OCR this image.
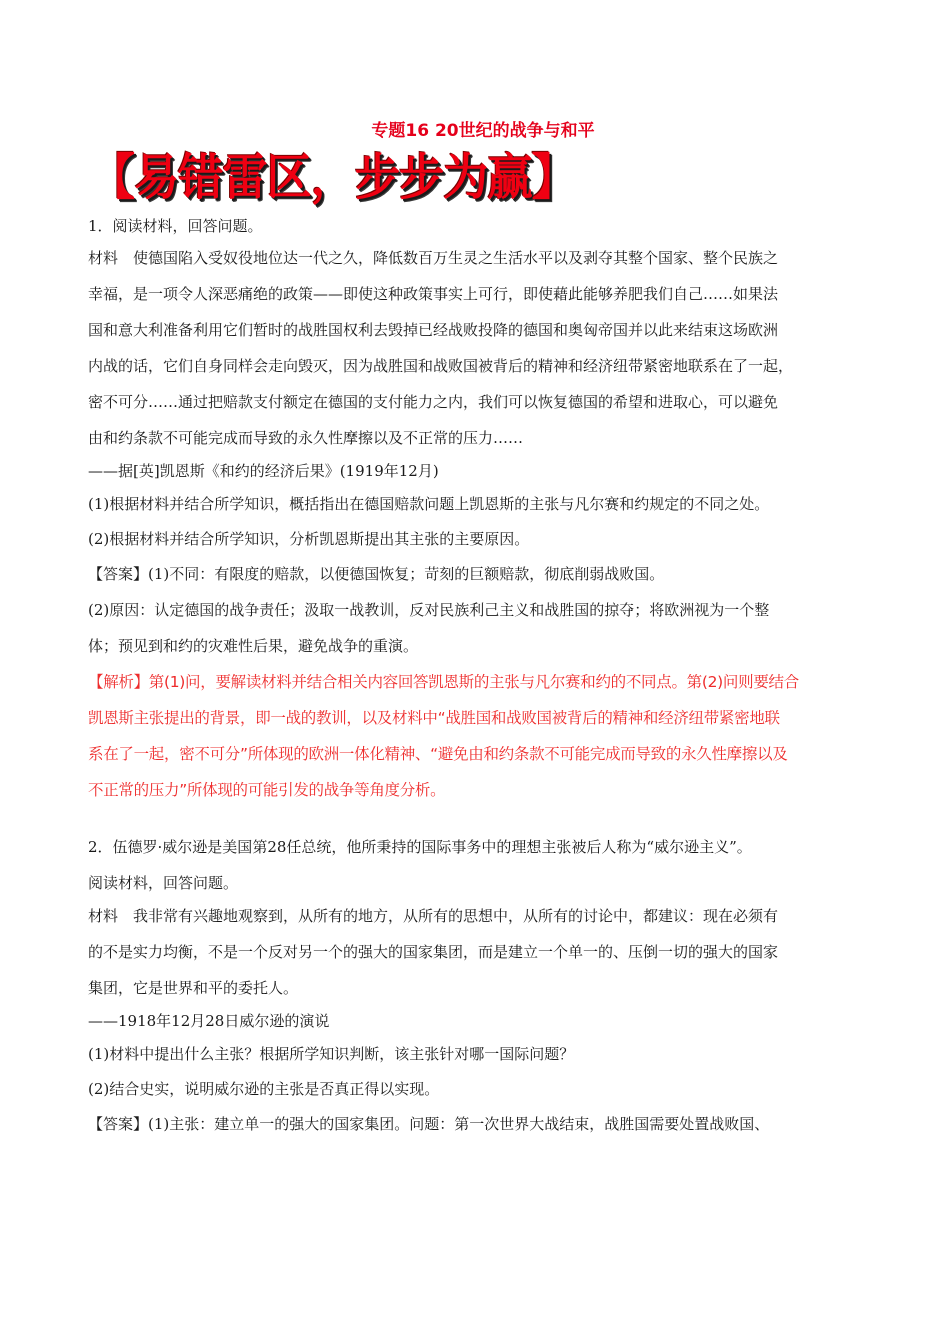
专题16 20世纪的战争与和平
【易错雷区，步步为赢】
1．阅读材料，回答问题。
材料　使德国陷入受奴役地位达一代之久，降低数百万生灵之生活水平以及剥夺其整个国家、整个民族之
幸福，是一项令人深恶痛绝的政策——即使这种政策事实上可行，即使藉此能够养肥我们自己……如果法
国和意大利准备利用它们暂时的战胜国权利去毁掉已经战败投降的德国和奥匈帝国并以此来结束这场欧洲
内战的话，它们自身同样会走向毁灭，因为战胜国和战败国被背后的精神和经济纽带紧密地联系在了一起，
密不可分……通过把赔款支付额定在德国的支付能力之内，我们可以恢复德国的希望和进取心，可以避免
由和约条款不可能完成而导致的永久性摩擦以及不正常的压力……
——据[英]凯恩斯《和约的经济后果》(1919年12月)
(1)根据材料并结合所学知识，概括指出在德国赔款问题上凯恩斯的主张与凡尔赛和约规定的不同之处。
(2)根据材料并结合所学知识，分析凯恩斯提出其主张的主要原因。
【答案】(1)不同：有限度的赔款，以便德国恢复；苛刻的巨额赔款，彻底削弱战败国。
(2)原因：认定德国的战争责任；汲取一战教训，反对民族利己主义和战胜国的掠夺；将欧洲视为一个整
体；预见到和约的灾难性后果，避免战争的重演。
【解析】第(1)问，要解读材料并结合相关内容回答凯恩斯的主张与凡尔赛和约的不同点。第(2)问则要结合
凯恩斯主张提出的背景，即一战的教训，以及材料中“战胜国和战败国被背后的精神和经济纽带紧密地联
系在了一起，密不可分”所体现的欧洲一体化精神、“避免由和约条款不可能完成而导致的永久性摩擦以及
不正常的压力”所体现的可能引发的战争等角度分析。
2．伍德罗·威尔逊是美国第28任总统，他所秉持的国际事务中的理想主张被后人称为“威尔逊主义”。
阅读材料，回答问题。
材料　我非常有兴趣地观察到，从所有的地方，从所有的思想中，从所有的讨论中，都建议：现在必须有
的不是实力均衡，不是一个反对另一个的强大的国家集团，而是建立一个单一的、压倒一切的强大的国家
集团，它是世界和平的委托人。
——1918年12月28日威尔逊的演说
(1)材料中提出什么主张？根据所学知识判断，该主张针对哪一国际问题？
(2)结合史实，说明威尔逊的主张是否真正得以实现。
【答案】(1)主张：建立单一的强大的国家集团。问题：第一次世界大战结束，战胜国需要处置战败国、
